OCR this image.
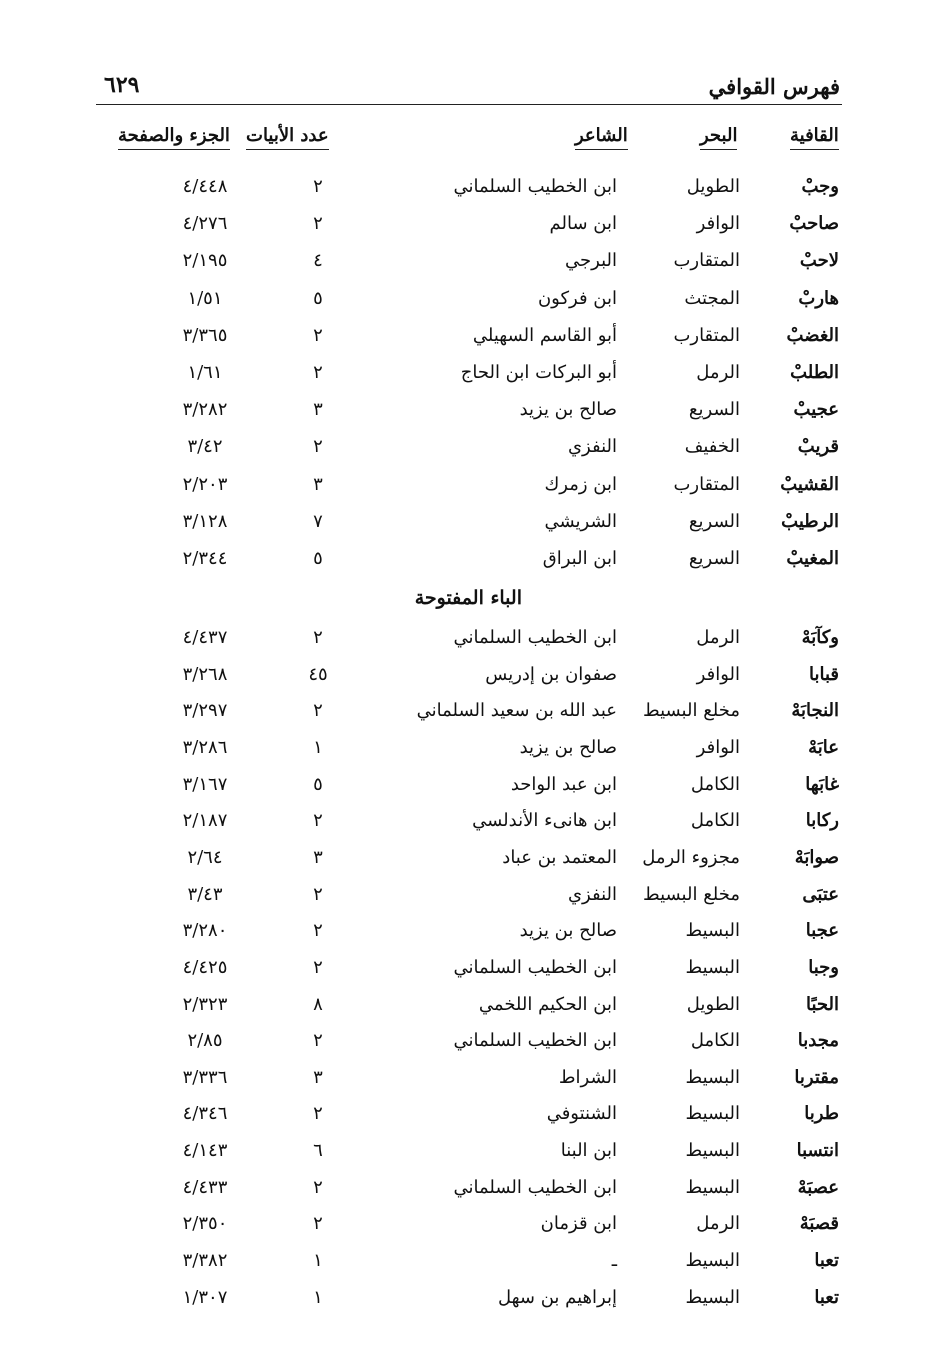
فهرس القوافي
٦٢٩
القافية
البحر
الشاعر
عدد الأبيات
الجزء والصفحة
وجبْ
الطويل
ابن الخطيب السلماني
٢
٤/٤٤٨
صاحبْ
الوافر
ابن سالم
٢
٤/٢٧٦
لاحبْ
المتقارب
البرجي
٤
٢/١٩٥
هاربْ
المجتث
ابن فركون
٥
١/٥١
الغضبْ
المتقارب
أبو القاسم السهيلي
٢
٣/٣٦٥
الطلبْ
الرمل
أبو البركات ابن الحاج
٢
١/٦١
عجيبْ
السريع
صالح بن يزيد
٣
٣/٢٨٢
قريبْ
الخفيف
النفزي
٢
٣/٤٢
القشيبْ
المتقارب
ابن زمرك
٣
٢/٢٠٣
الرطيبْ
السريع
الشريشي
٧
٣/١٢٨
المغيبْ
السريع
ابن البراق
٥
٢/٣٤٤
الباء المفتوحة
وكآبَهْ
الرمل
ابن الخطيب السلماني
٢
٤/٤٣٧
قبابا
الوافر
صفوان بن إدريس
٤٥
٣/٢٦٨
النجابَهْ
مخلع البسيط
عبد الله بن سعيد السلماني
٢
٣/٢٩٧
عابَهْ
الوافر
صالح بن يزيد
١
٣/٢٨٦
غابَها
الكامل
ابن عبد الواحد
٥
٣/١٦٧
ركابا
الكامل
ابن هانىء الأندلسي
٢
٢/١٨٧
صوابَهْ
مجزوء الرمل
المعتمد بن عباد
٣
٢/٦٤
عتبَى
مخلع البسيط
النفزي
٢
٣/٤٣
عجبا
البسيط
صالح بن يزيد
٢
٣/٢٨٠
وجبا
البسيط
ابن الخطيب السلماني
٢
٤/٤٢٥
الحبًا
الطويل
ابن الحكيم اللخمي
٨
٢/٣٢٣
مجدبا
الكامل
ابن الخطيب السلماني
٢
٢/٨٥
مقتربا
البسيط
الشراط
٣
٣/٣٣٦
طربا
البسيط
الشنتوفي
٢
٤/٣٤٦
انتسبا
البسيط
ابن البنا
٦
٤/١٤٣
عصبَهْ
البسيط
ابن الخطيب السلماني
٢
٤/٤٣٣
قصبَهْ
الرمل
ابن قزمان
٢
٢/٣٥٠
تعبا
البسيط
ـ
١
٣/٣٨٢
تعبا
البسيط
إبراهيم بن سهل
١
١/٣٠٧
